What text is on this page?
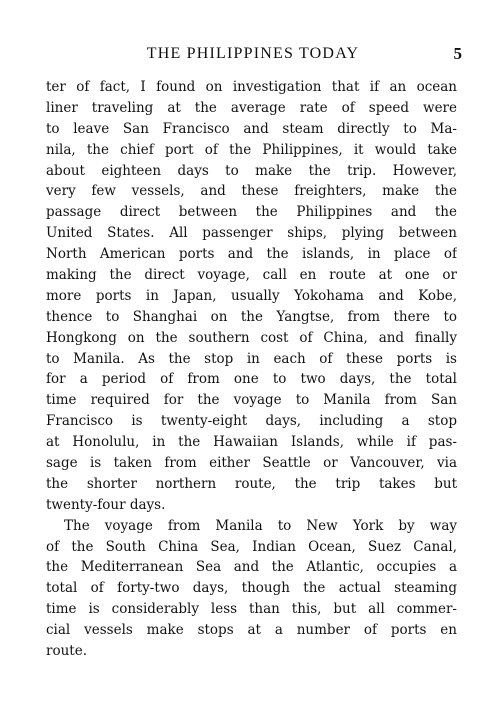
THE PHILIPPINES TODAY	5
ter of fact, I found on investigation that if an ocean
liner traveling at the average rate of speed were
to leave San Francisco and steam directly to Ma-
nila, the chief port of the Philippines, it would take
about eighteen days to make the trip. However,
very few vessels, and these freighters, make the
passage direct between the Philippines and the
United States. All passenger ships, plying between
North American ports and the islands, in place of
making the direct voyage, call en route at one or
more ports in Japan, usually Yokohama and Kobe,
thence to Shanghai on the Yangtse, from there to
Hongkong on the southern cost of China, and finally
to Manila. As the stop in each of these ports is
for a period of from one to two days, the total
time required for the voyage to Manila from San
Francisco is twenty-eight days, including a stop
at Honolulu, in the Hawaiian Islands, while if pas-
sage is taken from either Seattle or Vancouver, via
the shorter northern route, the trip takes but
twenty-four days.
The voyage from Manila to New York by way
of the South China Sea, Indian Ocean, Suez Canal,
the Mediterranean Sea and the Atlantic, occupies a
total of forty-two days, though the actual steaming
time is considerably less than this, but all commer-
cial vessels make stops at a number of ports en
route.
